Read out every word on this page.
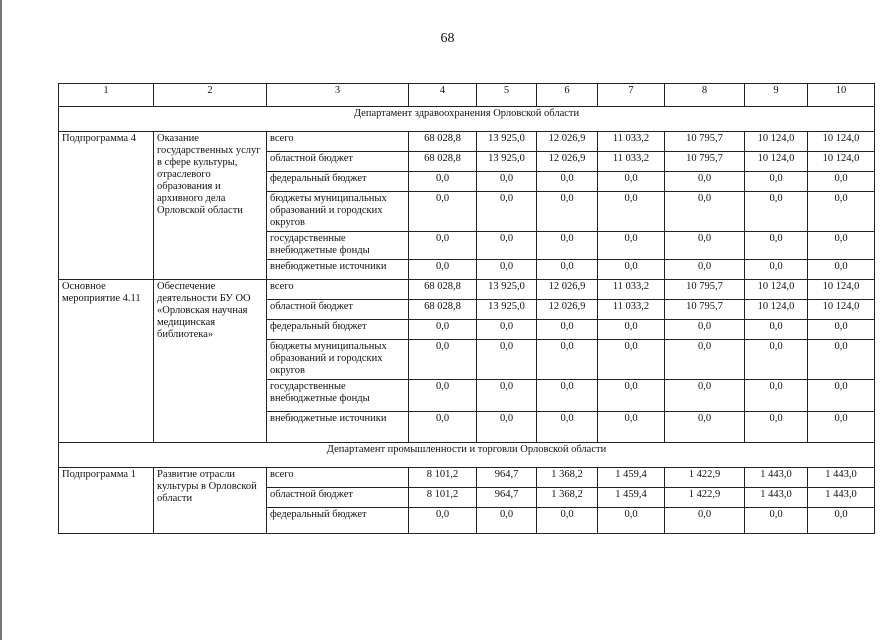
68
1	2	3	4	5	6	7	8	9	10
Департамент здравоохранения Орловской области									
Подпрограмма 4	Оказание государственных услуг в сфере культуры, отраслевого образования и архивного дела Орловской области	всего	68 028,8	13 925,0	12 026,9	11 033,2	10 795,7	10 124,0	10 124,0
		областной бюджет	68 028,8	13 925,0	12 026,9	11 033,2	10 795,7	10 124,0	10 124,0
		федеральный бюджет	0,0	0,0	0,0	0,0	0,0	0,0	0,0
		бюджеты муниципальных образований и городских округов	0,0	0,0	0,0	0,0	0,0	0,0	0,0
		государственные внебюджетные фонды	0,0	0,0	0,0	0,0	0,0	0,0	0,0
		внебюджетные источники	0,0	0,0	0,0	0,0	0,0	0,0	0,0
Основное мероприятие 4.11	Обеспечение деятельности БУ ОО «Орловская научная медицинская библиотека»	всего	68 028,8	13 925,0	12 026,9	11 033,2	10 795,7	10 124,0	10 124,0
		областной бюджет	68 028,8	13 925,0	12 026,9	11 033,2	10 795,7	10 124,0	10 124,0
		федеральный бюджет	0,0	0,0	0,0	0,0	0,0	0,0	0,0
		бюджеты муниципальных образований и городских округов	0,0	0,0	0,0	0,0	0,0	0,0	0,0
		государственные внебюджетные фонды	0,0	0,0	0,0	0,0	0,0	0,0	0,0
		внебюджетные источники	0,0	0,0	0,0	0,0	0,0	0,0	0,0
Департамент промышленности и торговли Орловской области									
Подпрограмма 1	Развитие отрасли культуры в Орловской области	всего	8 101,2	964,7	1 368,2	1 459,4	1 422,9	1 443,0	1 443,0
		областной бюджет	8 101,2	964,7	1 368,2	1 459,4	1 422,9	1 443,0	1 443,0
		федеральный бюджет	0,0	0,0	0,0	0,0	0,0	0,0	0,0
